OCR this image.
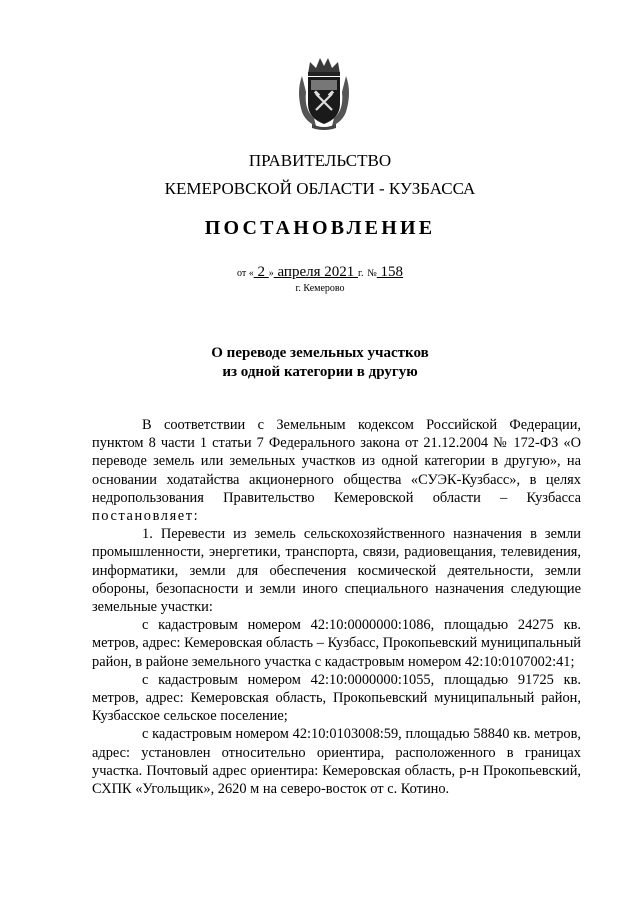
ПРАВИТЕЛЬСТВО
КЕМЕРОВСКОЙ ОБЛАСТИ - КУЗБАССА
ПОСТАНОВЛЕНИЕ
от « 2 » апреля 2021 г. № 158
г. Кемерово
О переводе земельных участков
из одной категории в другую

В соответствии с Земельным кодексом Российской Федерации, пунктом 8 части 1 статьи 7 Федерального закона от 21.12.2004 № 172-ФЗ «О переводе земель или земельных участков из одной категории в другую», на основании ходатайства акционерного общества «СУЭК-Кузбасс», в целях недропользования Правительство Кемеровской области – Кузбасса постановляет:

1. Перевести из земель сельскохозяйственного назначения в земли промышленности, энергетики, транспорта, связи, радиовещания, телевидения, информатики, земли для обеспечения космической деятельности, земли обороны, безопасности и земли иного специального назначения следующие земельные участки:

с кадастровым номером 42:10:0000000:1086, площадью 24275 кв. метров, адрес: Кемеровская область – Кузбасс, Прокопьевский муниципальный район, в районе земельного участка с кадастровым номером 42:10:0107002:41;

с кадастровым номером 42:10:0000000:1055, площадью 91725 кв. метров, адрес: Кемеровская область, Прокопьевский муниципальный район, Кузбасское сельское поселение;

с кадастровым номером 42:10:0103008:59, площадью 58840 кв. метров, адрес: установлен относительно ориентира, расположенного в границах участка. Почтовый адрес ориентира: Кемеровская область, р-н Прокопьевский, СХПК «Угольщик», 2620 м на северо-восток от с. Котино.
